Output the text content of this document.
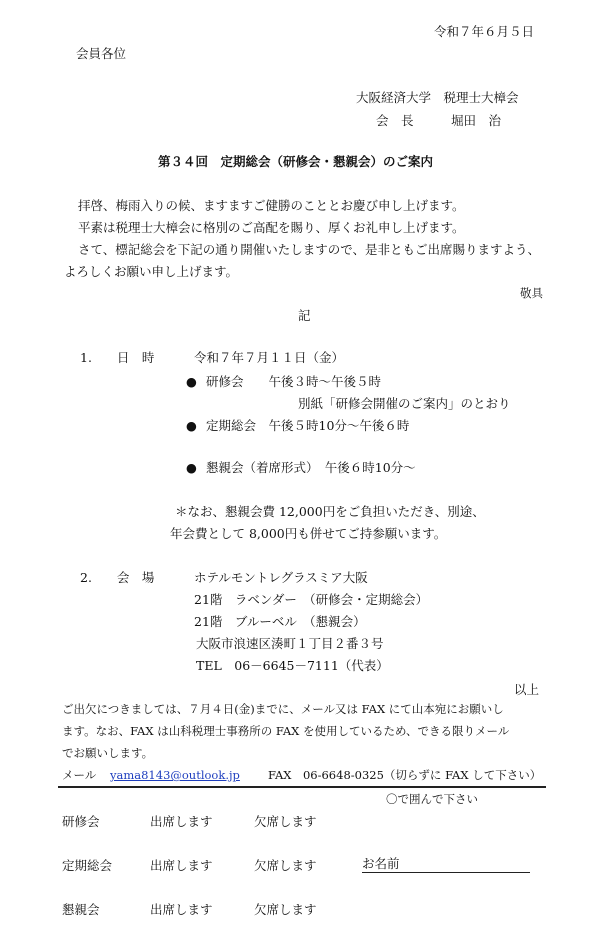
令和７年６月５日
会員各位
大阪経済大学　税理士大樟会
会　長　　　堀田　治
第３４回　定期総会（研修会・懇親会）のご案内
拝啓、梅雨入りの候、ますますご健勝のこととお慶び申し上げます。
平素は税理士大樟会に格別のご高配を賜り、厚くお礼申し上げます。
さて、標記総会を下記の通り開催いたしますので、是非ともご出席賜りますよう、
よろしくお願い申し上げます。
敬具
記
1.　　日　時	令和７年７月１１日（金）
● 研修会　　午後３時～午後５時
別紙「研修会開催のご案内」のとおり
● 定期総会　午後５時10分～午後６時
● 懇親会（着席形式）　午後６時10分～
＊なお、懇親会費 12,000円をご負担いただき、別途、
年会費として 8,000円も併せてご持参願います。
2.　　会　場	ホテルモントレグラスミア大阪
21階　ラベンダー　（研修会・定期総会）
21階　ブルーベル　（懇親会）
大阪市浪速区湊町１丁目２番３号
TEL　06－6645－7111（代表）
以上
ご出欠につきましては、７月４日(金)までに、メール又は FAX にて山本宛にお願いし
ます。なお、FAX は山科税理士事務所の FAX を使用しているため、できる限りメール
でお願いします。
メール yama8143@outlook.jp FAX　06-6648-0325（切らずに FAX して下さい）
〇で囲んで下さい
研修会	出席します	欠席します
定期総会	出席します	欠席します	お名前
懇親会	出席します	欠席します
